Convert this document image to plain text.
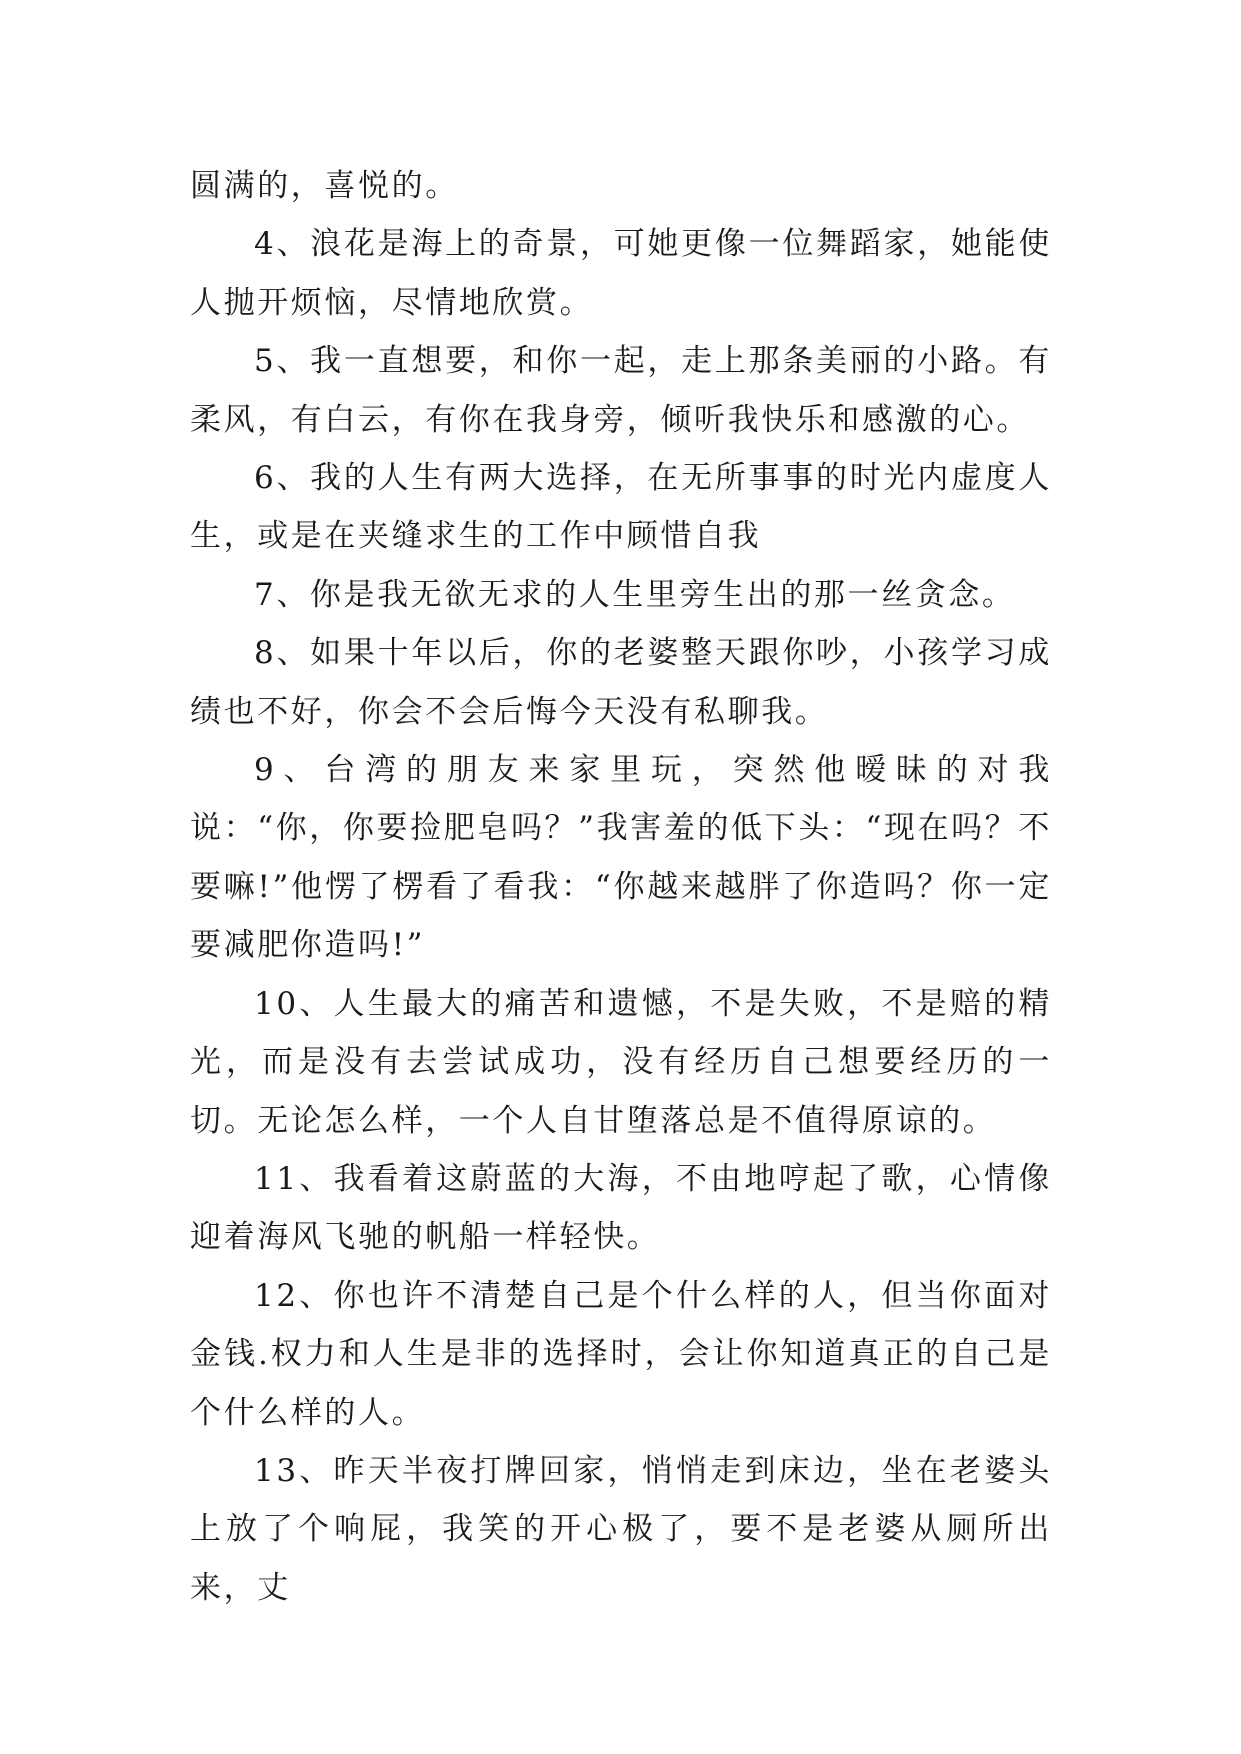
圆满的，喜悦的。

4、浪花是海上的奇景，可她更像一位舞蹈家，她能使人抛开烦恼，尽情地欣赏。

5、我一直想要，和你一起，走上那条美丽的小路。有柔风，有白云，有你在我身旁，倾听我快乐和感激的心。

6、我的人生有两大选择，在无所事事的时光内虚度人生，或是在夹缝求生的工作中顾惜自我

7、你是我无欲无求的人生里旁生出的那一丝贪念。

8、如果十年以后，你的老婆整天跟你吵，小孩学习成绩也不好，你会不会后悔今天没有私聊我。

9、台湾的朋友来家里玩，突然他暧昧的对我说：“你，你要捡肥皂吗？”我害羞的低下头：“现在吗？不要嘛!”他愣了楞看了看我：“你越来越胖了你造吗？你一定要减肥你造吗!”

10、人生最大的痛苦和遗憾，不是失败，不是赔的精光，而是没有去尝试成功，没有经历自己想要经历的一切。无论怎么样，一个人自甘堕落总是不值得原谅的。

11、我看着这蔚蓝的大海，不由地哼起了歌，心情像迎着海风飞驰的帆船一样轻快。

12、你也许不清楚自己是个什么样的人，但当你面对金钱.权力和人生是非的选择时，会让你知道真正的自己是个什么样的人。

13、昨天半夜打牌回家，悄悄走到床边，坐在老婆头上放了个响屁，我笑的开心极了，要不是老婆从厕所出来，丈
